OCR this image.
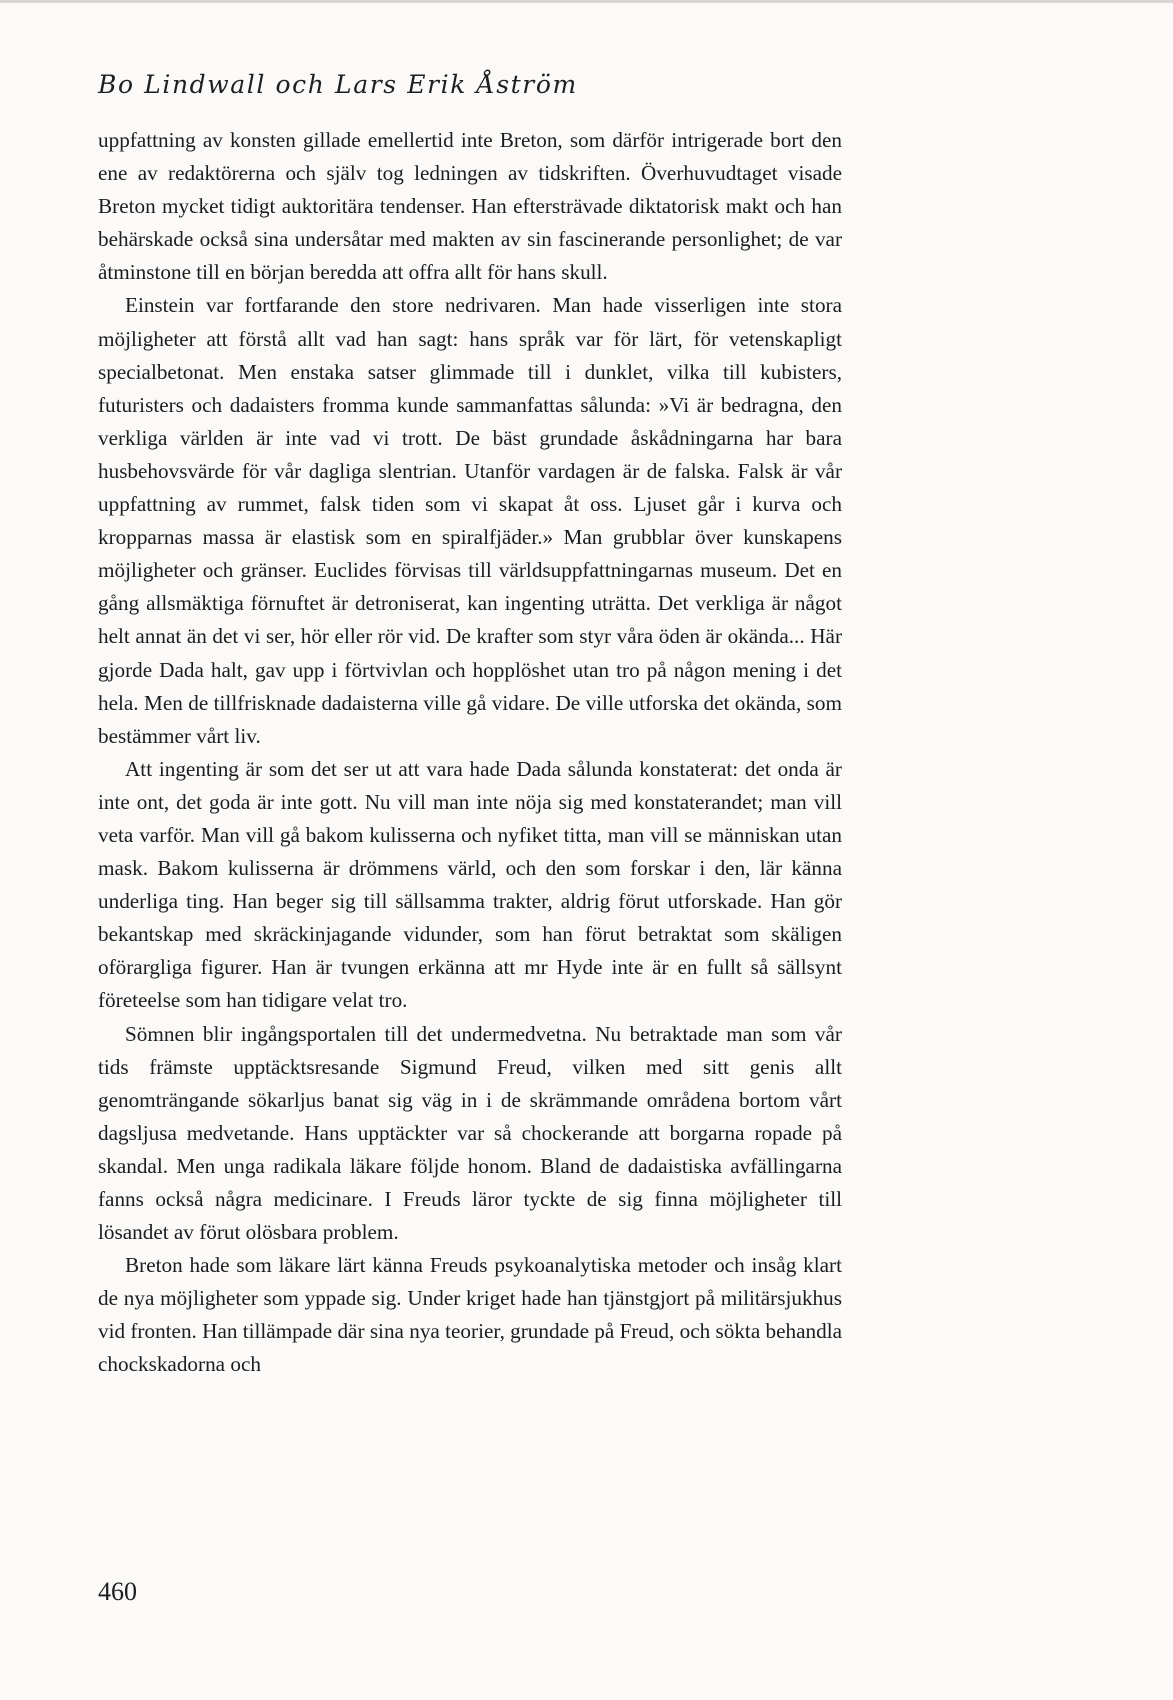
Bo Lindwall och Lars Erik Åström

uppfattning av konsten gillade emellertid inte Breton, som därför intrigerade bort den ene av redaktörerna och själv tog ledningen av tidskriften. Överhuvudtaget visade Breton mycket tidigt auktoritära tendenser. Han eftersträvade diktatorisk makt och han behärskade också sina undersåtar med makten av sin fascinerande personlighet; de var åtminstone till en början beredda att offra allt för hans skull.

Einstein var fortfarande den store nedrivaren. Man hade visserligen inte stora möjligheter att förstå allt vad han sagt: hans språk var för lärt, för vetenskapligt specialbetonat. Men enstaka satser glimmade till i dunklet, vilka till kubisters, futuristers och dadaisters fromma kunde sammanfattas sålunda: »Vi är bedragna, den verkliga världen är inte vad vi trott. De bäst grundade åskådningarna har bara husbehovsvärde för vår dagliga slentrian. Utanför vardagen är de falska. Falsk är vår uppfattning av rummet, falsk tiden som vi skapat åt oss. Ljuset går i kurva och kropparnas massa är elastisk som en spiralfjäder.» Man grubblar över kunskapens möjligheter och gränser. Euclides förvisas till världsuppfattningarnas museum. Det en gång allsmäktiga förnuftet är detroniserat, kan ingenting uträtta. Det verkliga är något helt annat än det vi ser, hör eller rör vid. De krafter som styr våra öden är okända... Här gjorde Dada halt, gav upp i förtvivlan och hopplöshet utan tro på någon mening i det hela. Men de tillfrisknade dadaisterna ville gå vidare. De ville utforska det okända, som bestämmer vårt liv.

Att ingenting är som det ser ut att vara hade Dada sålunda konstaterat: det onda är inte ont, det goda är inte gott. Nu vill man inte nöja sig med konstaterandet; man vill veta varför. Man vill gå bakom kulisserna och nyfiket titta, man vill se människan utan mask. Bakom kulisserna är drömmens värld, och den som forskar i den, lär känna underliga ting. Han beger sig till sällsamma trakter, aldrig förut utforskade. Han gör bekantskap med skräckinjagande vidunder, som han förut betraktat som skäligen oförargliga figurer. Han är tvungen erkänna att mr Hyde inte är en fullt så sällsynt företeelse som han tidigare velat tro.

Sömnen blir ingångsportalen till det undermedvetna. Nu betraktade man som vår tids främste upptäcktsresande Sigmund Freud, vilken med sitt genis allt genomträngande sökarljus banat sig väg in i de skrämmande områdena bortom vårt dagsljusa medvetande. Hans upptäckter var så chockerande att borgarna ropade på skandal. Men unga radikala läkare följde honom. Bland de dadaistiska avfällingarna fanns också några medicinare. I Freuds läror tyckte de sig finna möjligheter till lösandet av förut olösbara problem.

Breton hade som läkare lärt känna Freuds psykoanalytiska metoder och insåg klart de nya möjligheter som yppade sig. Under kriget hade han tjänstgjort på militärsjukhus vid fronten. Han tillämpade där sina nya teorier, grundade på Freud, och sökta behandla chockskadorna och

460
